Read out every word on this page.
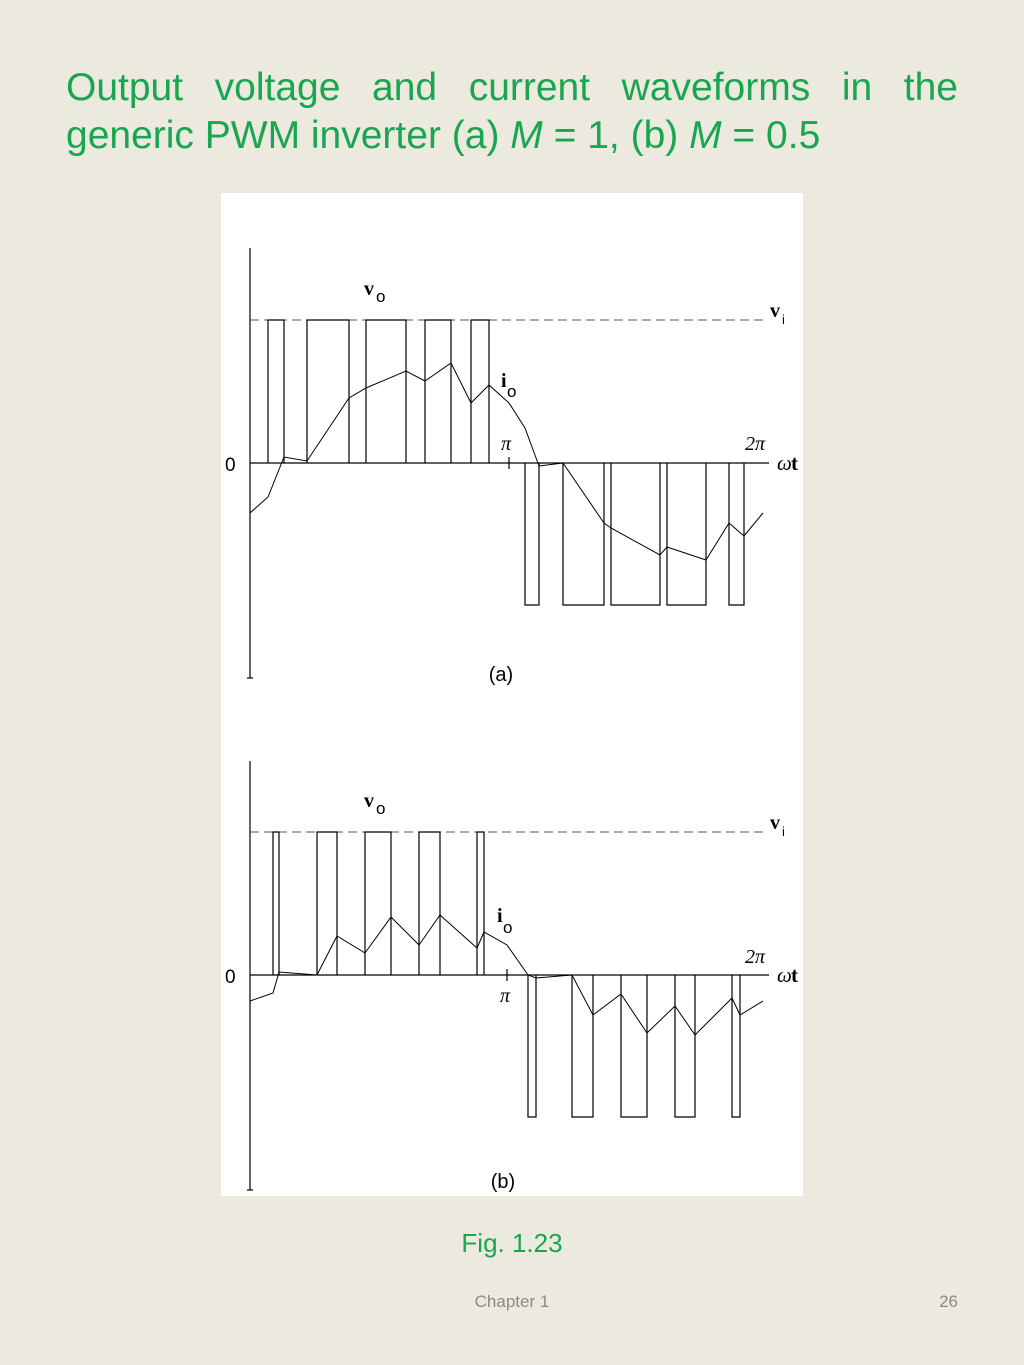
Output voltage and current waveforms in the generic PWM inverter (a) M = 1, (b) M = 0.5
0
v o
v i
i o
π	2π
ω t
(a)
0
v o
v i
i
o
π
2π
ω t
(b)
Fig. 1.23
Chapter 1	26
